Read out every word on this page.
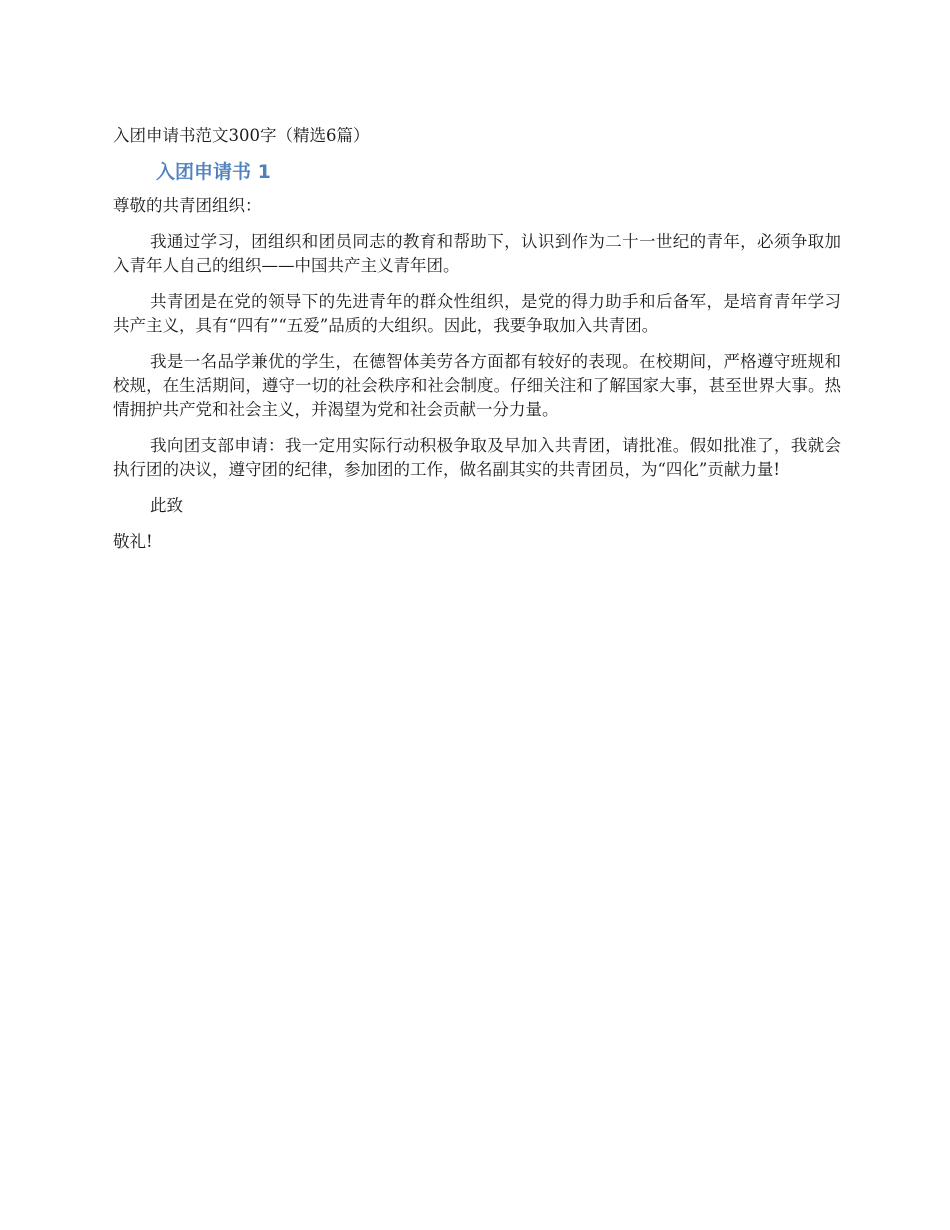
入团申请书范文300字（精选6篇）
入团申请书 1
尊敬的共青团组织：

我通过学习，团组织和团员同志的教育和帮助下，认识到作为二十一世纪的青年，必须争取加入青年人自己的组织——中国共产主义青年团。

共青团是在党的领导下的先进青年的群众性组织，是党的得力助手和后备军，是培育青年学习共产主义，具有“四有”“五爱”品质的大组织。因此，我要争取加入共青团。

我是一名品学兼优的学生，在德智体美劳各方面都有较好的表现。在校期间，严格遵守班规和校规，在生活期间，遵守一切的社会秩序和社会制度。仔细关注和了解国家大事，甚至世界大事。热情拥护共产党和社会主义，并渴望为党和社会贡献一分力量。

我向团支部申请：我一定用实际行动积极争取及早加入共青团，请批准。假如批准了，我就会执行团的决议，遵守团的纪律，参加团的工作，做名副其实的共青团员，为“四化”贡献力量!

此致

敬礼!
